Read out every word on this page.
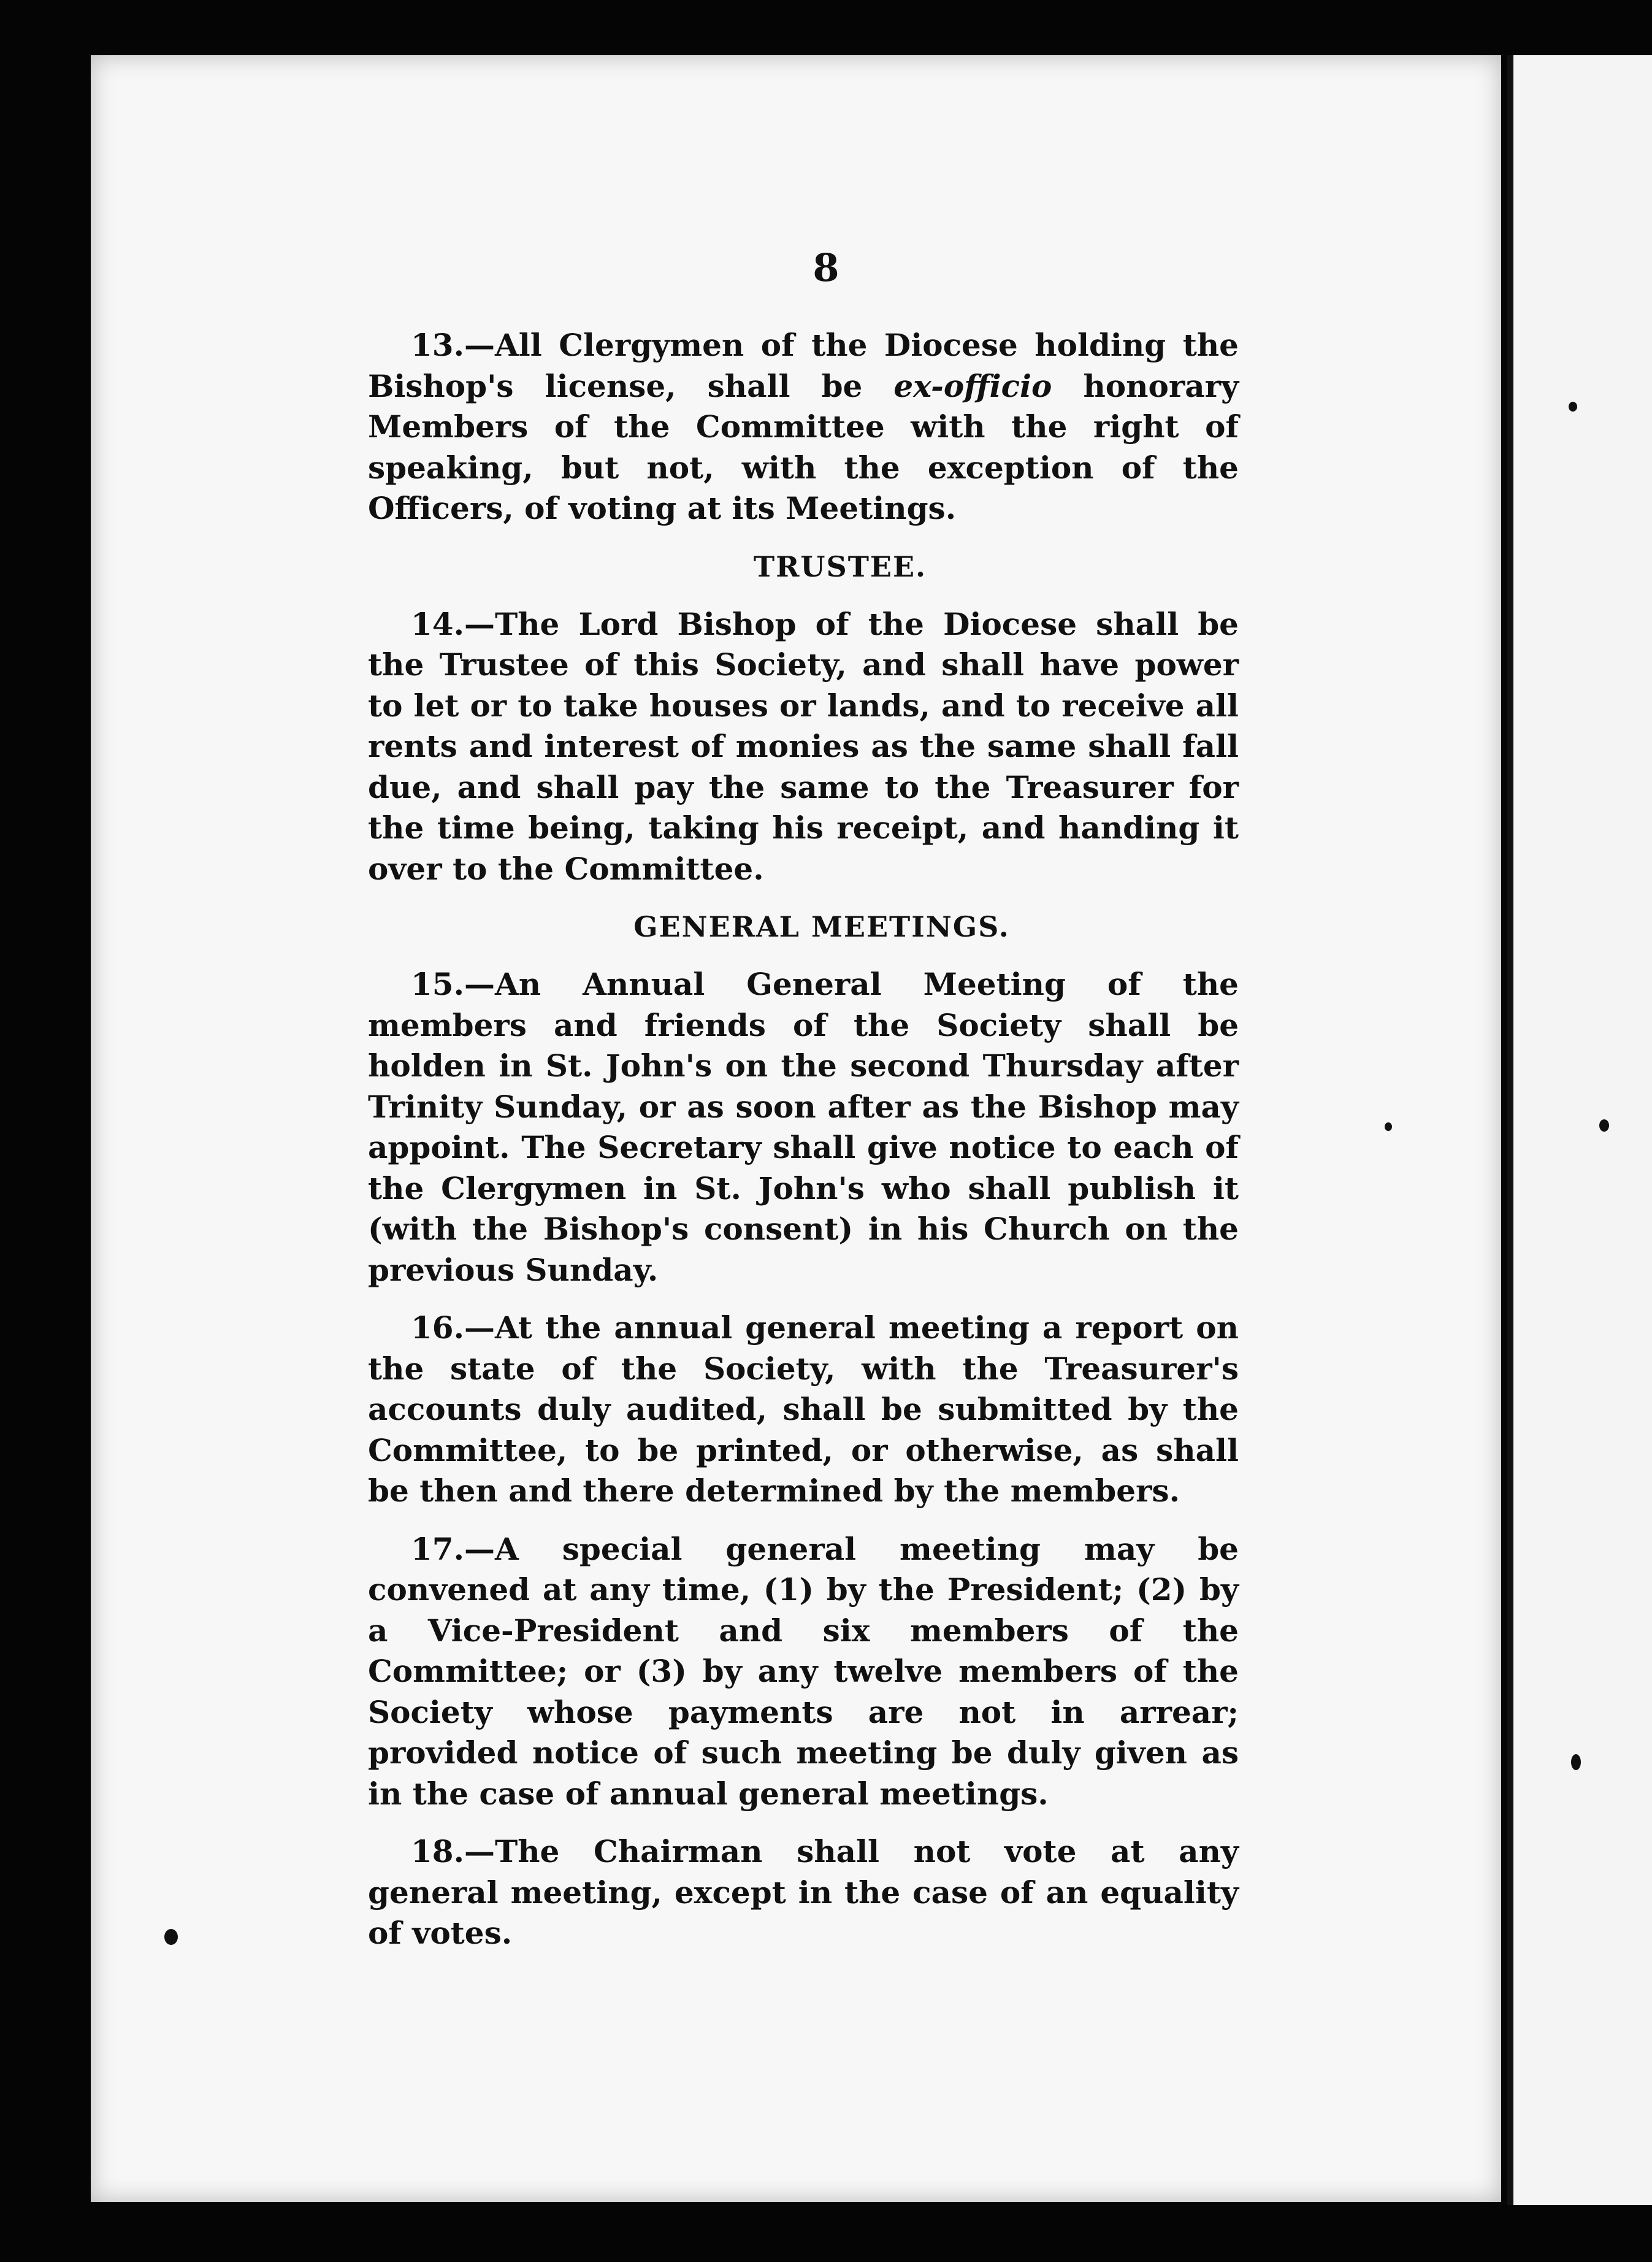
8

13.—All Clergymen of the Diocese holding the Bishop's license, shall be ex-officio honorary Members of the Committee with the right of speaking, but not, with the exception of the Officers, of voting at its Meetings.

TRUSTEE.

14.—The Lord Bishop of the Diocese shall be the Trustee of this Society, and shall have power to let or to take houses or lands, and to receive all rents and interest of monies as the same shall fall due, and shall pay the same to the Treasurer for the time being, taking his receipt, and handing it over to the Committee.

GENERAL MEETINGS.

15.—An Annual General Meeting of the members and friends of the Society shall be holden in St. John's on the second Thursday after Trinity Sunday, or as soon after as the Bishop may appoint. The Secretary shall give notice to each of the Clergymen in St. John's who shall publish it (with the Bishop's consent) in his Church on the previous Sunday.

16.—At the annual general meeting a report on the state of the Society, with the Treasurer's accounts duly audited, shall be submitted by the Committee, to be printed, or otherwise, as shall be then and there determined by the members.

17.—A special general meeting may be convened at any time, (1) by the President; (2) by a Vice-President and six members of the Committee; or (3) by any twelve members of the Society whose payments are not in arrear; provided notice of such meeting be duly given as in the case of annual general meetings.

18.—The Chairman shall not vote at any general meeting, except in the case of an equality of votes.
